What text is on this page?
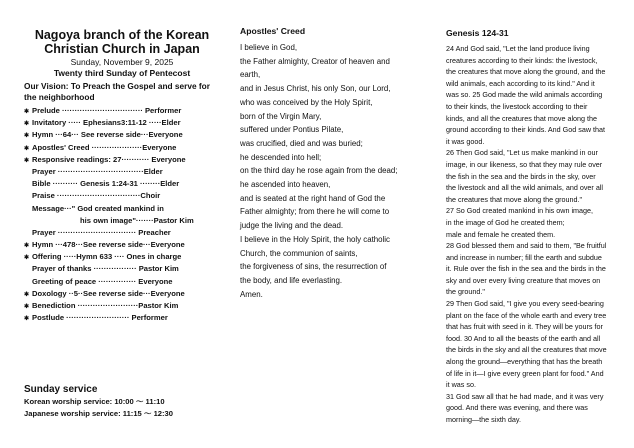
Nagoya branch of the Korean
Christian Church in Japan
Sunday, November 9, 2025
Twenty third Sunday of Pentecost
Our Vision: To Preach the Gospel and serve for
the neighborhood
✱ Prelude ································ Performer
✱ Invitatory ····· Ephesians3:11-12 ·····Elder
✱ Hymn ···64··· See reverse side···Everyone
✱ Apostles' Creed ····················Everyone
✱ Responsive readings: 27··········· Everyone
Prayer ··································Elder
Bible ·········· Genesis 1:24-31 ········Elder
Praise ·································Choir
Message···" God created mankind in
his own image"·······Pastor Kim
Prayer ······························· Preacher
✱ Hymn ···478···See reverse side···Everyone
✱ Offering ·····Hymn 633 ···· Ones in charge
Prayer of thanks ················· Pastor Kim
Greeting of peace ··············· Everyone
✱ Doxology ··5··See reverse side···Everyone
✱ Benediction ························Pastor Kim
✱ Postlude ························· Performer
Sunday service
Korean worship service: 10:00 〜 11:10
Japanese worship service: 11:15 〜 12:30
Apostles' Creed
I believe in God,
the Father almighty, Creator of heaven and
earth,
and in Jesus Christ, his only Son, our Lord,
who was conceived by the Holy Spirit,
born of the Virgin Mary,
suffered under Pontius Pilate,
was crucified, died and was buried;
he descended into hell;
on the third day he rose again from the dead;
he ascended into heaven,
and is seated at the right hand of God the
Father almighty; from there he will come to
judge the living and the dead.
I believe in the Holy Spirit, the holy catholic
Church, the communion of saints,
the forgiveness of sins, the resurrection of
the body, and life everlasting.
Amen.
Genesis 124-31
24 And God said, "Let the land produce living
creatures according to their kinds: the livestock,
the creatures that move along the ground, and the
wild animals, each according to its kind." And it
was so. 25 God made the wild animals according
to their kinds, the livestock according to their
kinds, and all the creatures that move along the
ground according to their kinds. And God saw that
it was good.
26 Then God said, "Let us make mankind in our
image, in our likeness, so that they may rule over
the fish in the sea and the birds in the sky, over
the livestock and all the wild animals, and over all
the creatures that move along the ground."
27 So God created mankind in his own image,
in the image of God he created them;
male and female he created them.
28 God blessed them and said to them, "Be fruitful
and increase in number; fill the earth and subdue
it. Rule over the fish in the sea and the birds in the
sky and over every living creature that moves on
the ground."
29 Then God said, "I give you every seed-bearing
plant on the face of the whole earth and every tree
that has fruit with seed in it. They will be yours for
food. 30 And to all the beasts of the earth and all
the birds in the sky and all the creatures that move
along the ground—everything that has the breath
of life in it—I give every green plant for food." And
it was so.
31 God saw all that he had made, and it was very
good. And there was evening, and there was
morning—the sixth day.
